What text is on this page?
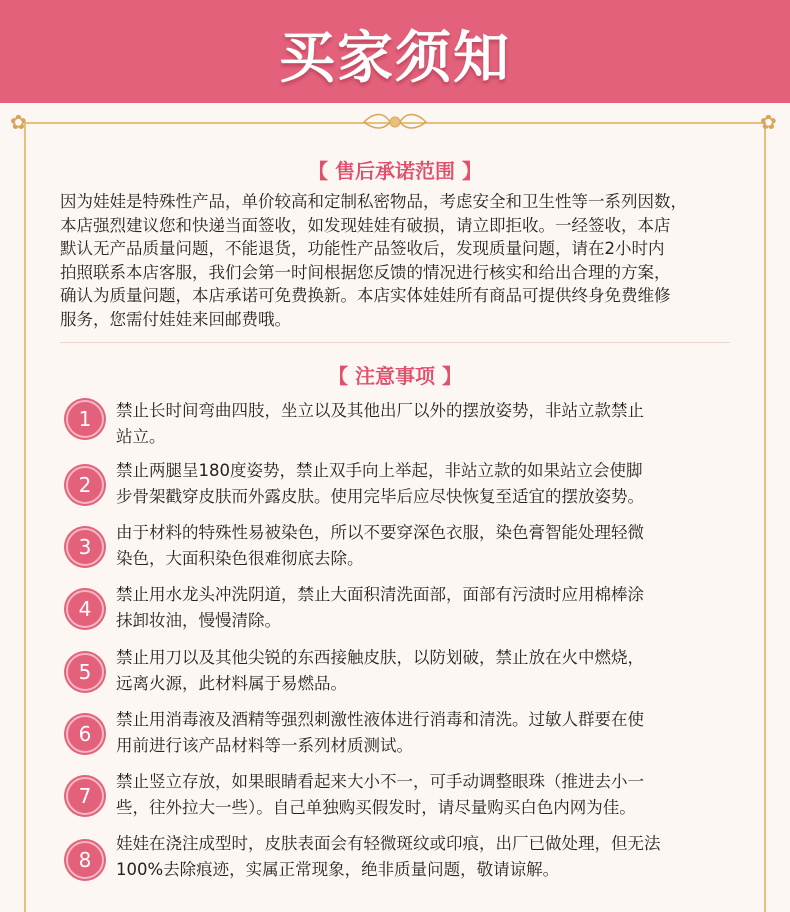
买家须知
✿	✿
【 售后承诺范围 】
因为娃娃是特殊性产品，单价较高和定制私密物品，考虑安全和卫生性等一系列因数，
本店强烈建议您和快递当面签收，如发现娃娃有破损，请立即拒收。一经签收，本店
默认无产品质量问题，不能退货，功能性产品签收后，发现质量问题，请在2小时内
拍照联系本店客服，我们会第一时间根据您反馈的情况进行核实和给出合理的方案，
确认为质量问题，本店承诺可免费换新。本店实体娃娃所有商品可提供终身免费维修
服务，您需付娃娃来回邮费哦。
【 注意事项 】
1	禁止长时间弯曲四肢，坐立以及其他出厂以外的摆放姿势，非站立款禁止
站立。
2
禁止两腿呈180度姿势，禁止双手向上举起，非站立款的如果站立会使脚
步骨架戳穿皮肤而外露皮肤。使用完毕后应尽快恢复至适宜的摆放姿势。
3
由于材料的特殊性易被染色，所以不要穿深色衣服，染色膏智能处理轻微
染色，大面积染色很难彻底去除。
4
禁止用水龙头冲洗阴道，禁止大面积清洗面部，面部有污渍时应用棉棒涂
抹卸妆油，慢慢清除。
5
禁止用刀以及其他尖锐的东西接触皮肤，以防划破，禁止放在火中燃烧，
远离火源，此材料属于易燃品。
6
禁止用消毒液及酒精等强烈刺激性液体进行消毒和清洗。过敏人群要在使
用前进行该产品材料等一系列材质测试。
7
禁止竖立存放，如果眼睛看起来大小不一，可手动调整眼珠（推进去小一
些，往外拉大一些）。自己单独购买假发时，请尽量购买白色内网为佳。
8
娃娃在浇注成型时，皮肤表面会有轻微斑纹或印痕，出厂已做处理，但无法
100%去除痕迹，实属正常现象，绝非质量问题，敬请谅解。
